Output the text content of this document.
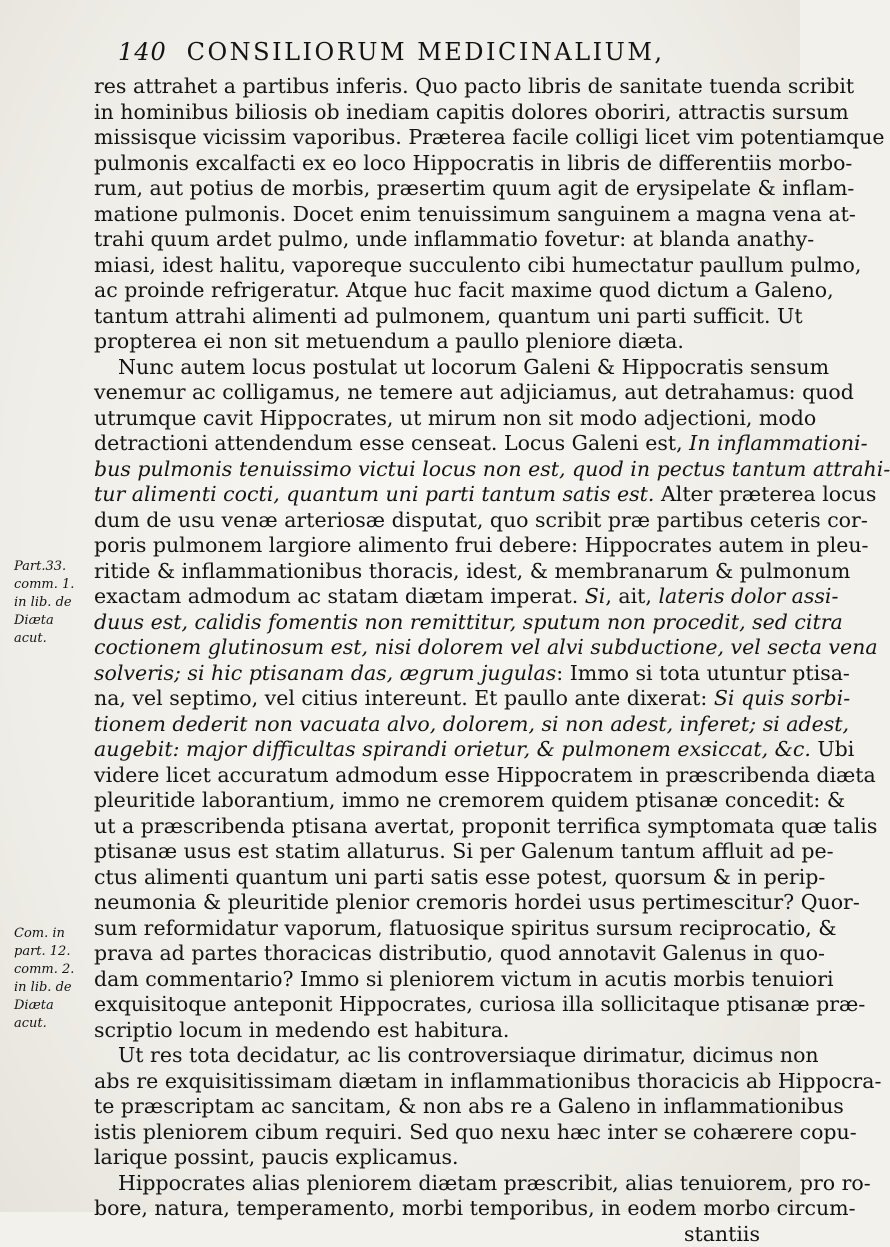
140 CONSILIORUM MEDICINALIUM,
Part.33.
comm. 1.
in lib. de
Diæta
acut.
Com. in
part. 12.
comm. 2.
in lib. de
Diæta
acut.
res attrahet a partibus inferis. Quo pacto libris de sanitate tuenda scribit
in hominibus biliosis ob inediam capitis dolores oboriri, attractis sursum
missisque vicissim vaporibus. Præterea facile colligi licet vim potentiamque
pulmonis excalfacti ex eo loco Hippocratis in libris de differentiis morbo-
rum, aut potius de morbis, præsertim quum agit de erysipelate & inflam-
matione pulmonis. Docet enim tenuissimum sanguinem a magna vena at-
trahi quum ardet pulmo, unde inflammatio fovetur: at blanda anathy-
miasi, idest halitu, vaporeque succulento cibi humectatur paullum pulmo,
ac proinde refrigeratur. Atque huc facit maxime quod dictum a Galeno,
tantum attrahi alimenti ad pulmonem, quantum uni parti sufficit. Ut
propterea ei non sit metuendum a paullo pleniore diæta.
Nunc autem locus postulat ut locorum Galeni & Hippocratis sensum
venemur ac colligamus, ne temere aut adjiciamus, aut detrahamus: quod
utrumque cavit Hippocrates, ut mirum non sit modo adjectioni, modo
detractioni attendendum esse censeat. Locus Galeni est, In inflammationi-
bus pulmonis tenuissimo victui locus non est, quod in pectus tantum attrahi-
tur alimenti cocti, quantum uni parti tantum satis est. Alter præterea locus
dum de usu venæ arteriosæ disputat, quo scribit præ partibus ceteris cor-
poris pulmonem largiore alimento frui debere: Hippocrates autem in pleu-
ritide & inflammationibus thoracis, idest, & membranarum & pulmonum
exactam admodum ac statam diætam imperat. Si, ait, lateris dolor assi-
duus est, calidis fomentis non remittitur, sputum non procedit, sed citra
coctionem glutinosum est, nisi dolorem vel alvi subductione, vel secta vena
solveris; si hic ptisanam das, ægrum jugulas: Immo si tota utuntur ptisa-
na, vel septimo, vel citius intereunt. Et paullo ante dixerat: Si quis sorbi-
tionem dederit non vacuata alvo, dolorem, si non adest, inferet; si adest,
augebit: major difficultas spirandi orietur, & pulmonem exsiccat, &c. Ubi
videre licet accuratum admodum esse Hippocratem in præscribenda diæta
pleuritide laborantium, immo ne cremorem quidem ptisanæ concedit: &
ut a præscribenda ptisana avertat, proponit terrifica symptomata quæ talis
ptisanæ usus est statim allaturus. Si per Galenum tantum affluit ad pe-
ctus alimenti quantum uni parti satis esse potest, quorsum & in perip-
neumonia & pleuritide plenior cremoris hordei usus pertimescitur? Quor-
sum reformidatur vaporum, flatuosique spiritus sursum reciprocatio, &
prava ad partes thoracicas distributio, quod annotavit Galenus in quo-
dam commentario? Immo si pleniorem victum in acutis morbis tenuiori
exquisitoque anteponit Hippocrates, curiosa illa sollicitaque ptisanæ præ-
scriptio locum in medendo est habitura.
Ut res tota decidatur, ac lis controversiaque dirimatur, dicimus non
abs re exquisitissimam diætam in inflammationibus thoracicis ab Hippocra-
te præscriptam ac sancitam, & non abs re a Galeno in inflammationibus
istis pleniorem cibum requiri. Sed quo nexu hæc inter se cohærere copu-
larique possint, paucis explicamus.
Hippocrates alias pleniorem diætam præscribit, alias tenuiorem, pro ro-
bore, natura, temperamento, morbi temporibus, in eodem morbo circum-
stantiis
